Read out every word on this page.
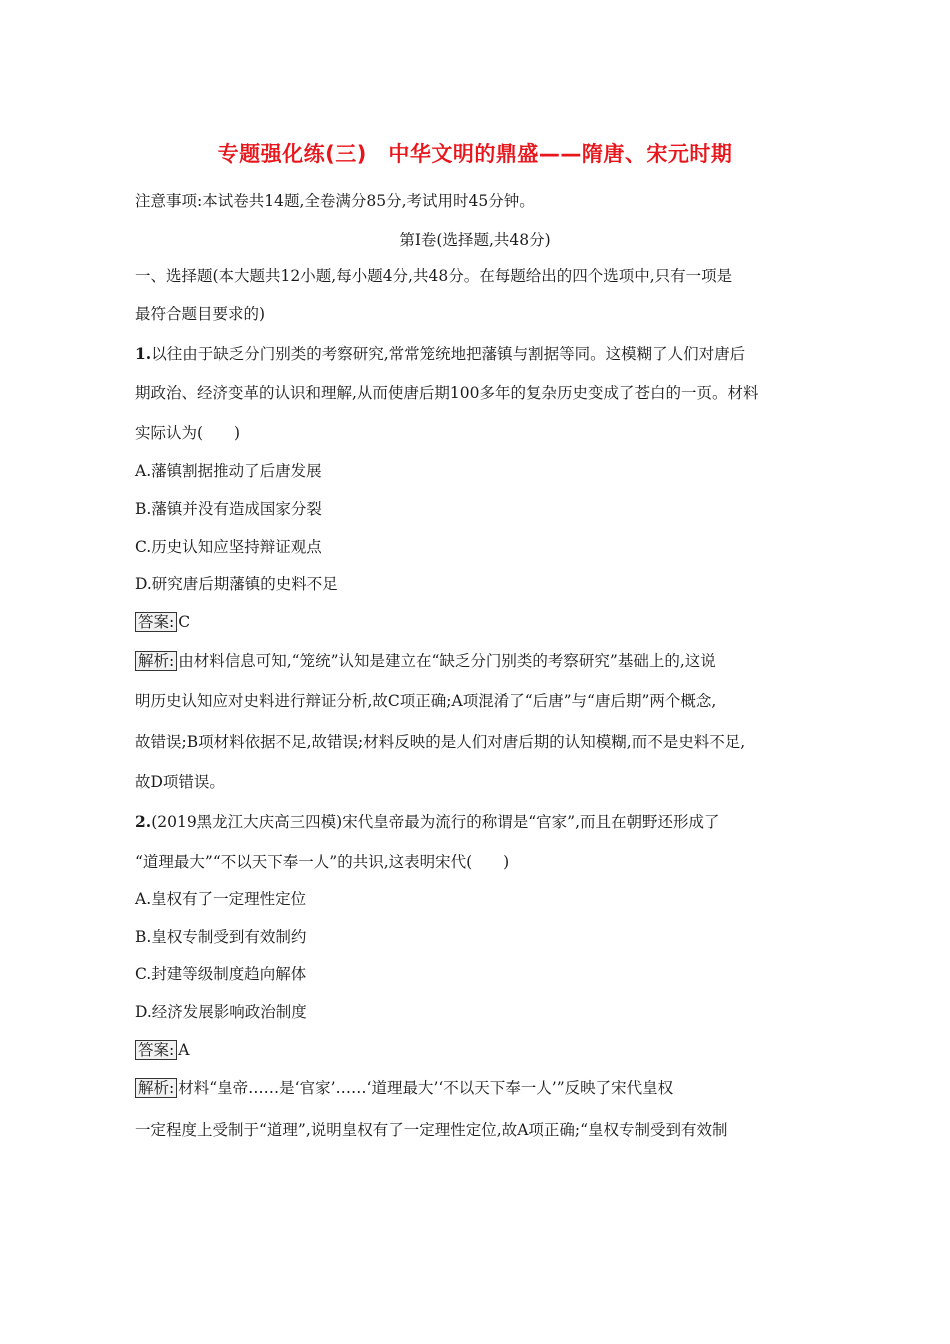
专题强化练(三)　中华文明的鼎盛——隋唐、宋元时期
注意事项:本试卷共14题,全卷满分85分,考试用时45分钟。
第Ⅰ卷(选择题,共48分)
一、选择题(本大题共12小题,每小题4分,共48分。在每题给出的四个选项中,只有一项是
最符合题目要求的)
1.以往由于缺乏分门别类的考察研究,常常笼统地把藩镇与割据等同。这模糊了人们对唐后
期政治、经济变革的认识和理解,从而使唐后期100多年的复杂历史变成了苍白的一页。材料
实际认为(　　)
A.藩镇割据推动了后唐发展
B.藩镇并没有造成国家分裂
C.历史认知应坚持辩证观点
D.研究唐后期藩镇的史料不足
答案: C
解析: 由材料信息可知,“笼统”认知是建立在“缺乏分门别类的考察研究”基础上的,这说
明历史认知应对史料进行辩证分析,故C项正确;A项混淆了“后唐”与“唐后期”两个概念,
故错误;B项材料依据不足,故错误;材料反映的是人们对唐后期的认知模糊,而不是史料不足,
故D项错误。
2.(2019黑龙江大庆高三四模)宋代皇帝最为流行的称谓是“官家”,而且在朝野还形成了
“道理最大”“不以天下奉一人”的共识,这表明宋代(　　)
A.皇权有了一定理性定位
B.皇权专制受到有效制约
C.封建等级制度趋向解体
D.经济发展影响政治制度
答案: A
解析: 材料“皇帝……是‘官家’……‘道理最大’‘不以天下奉一人’”反映了宋代皇权
一定程度上受制于“道理”,说明皇权有了一定理性定位,故A项正确;“皇权专制受到有效制
